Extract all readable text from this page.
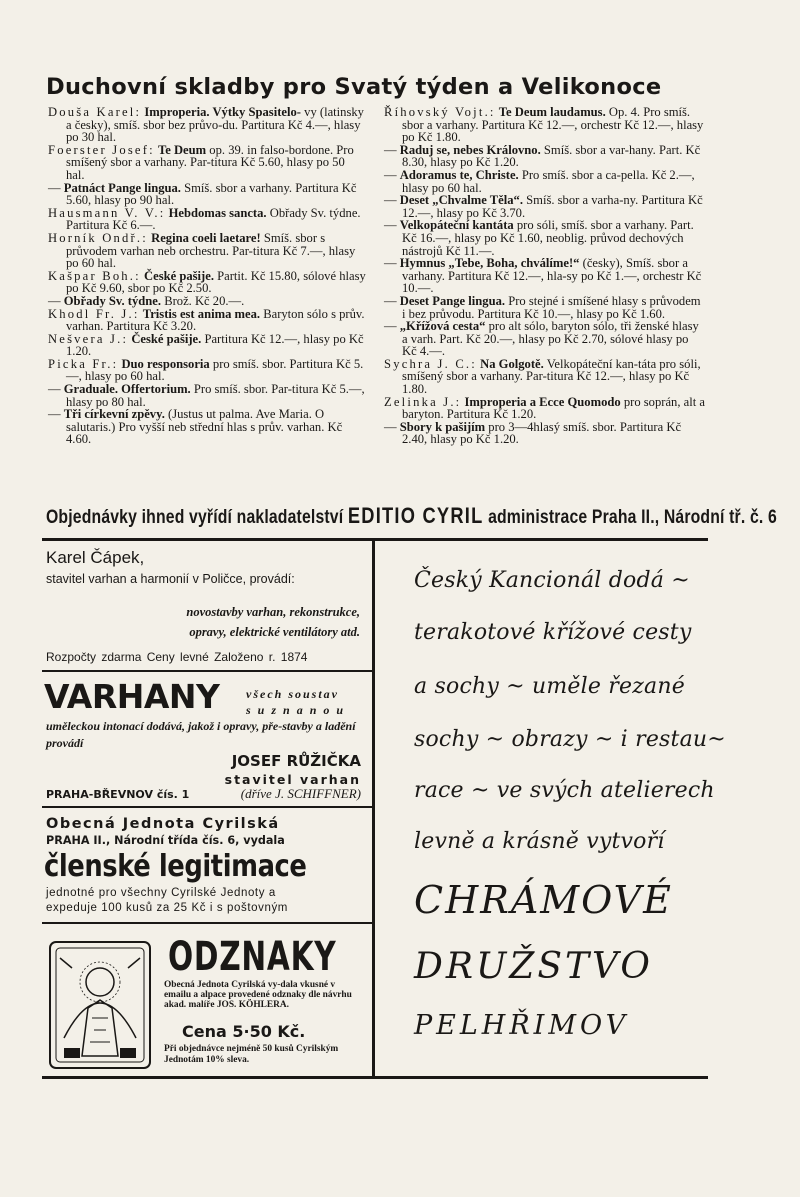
Duchovní skladby pro Svatý týden a Velikonoce

Douša Karel: Improperia. Výtky Spasitelo- vy (latinsky a česky), smíš. sbor bez průvo-du. Partitura Kč 4.—, hlasy po 30 hal.

Foerster Josef: Te Deum op. 39. in falso-bordone. Pro smíšený sbor a varhany. Par-titura Kč 5.60, hlasy po 50 hal.

— Patnáct Pange lingua. Smíš. sbor a varhany. Partitura Kč 5.60, hlasy po 90 hal.

Hausmann V. V.: Hebdomas sancta. Obřady Sv. týdne. Partitura Kč 6.—.

Horník Ondř.: Regina coeli laetare! Smíš. sbor s průvodem varhan neb orchestru. Par-titura Kč 7.—, hlasy po 60 hal.

Kašpar Boh.: České pašije. Partit. Kč 15.80, sólové hlasy po Kč 9.60, sbor po Kč 2.50.

— Obřady Sv. týdne. Brož. Kč 20.—.

Khodl Fr. J.: Tristis est anima mea. Baryton sólo s prův. varhan. Partitura Kč 3.20.

Nešvera J.: České pašije. Partitura Kč 12.—, hlasy po Kč 1.20.

Picka Fr.: Duo responsoria pro smíš. sbor. Partitura Kč 5.—, hlasy po 60 hal.

— Graduale. Offertorium. Pro smíš. sbor. Par-titura Kč 5.—, hlasy po 80 hal.

— Tři církevní zpěvy. (Justus ut palma. Ave Maria. O salutaris.) Pro vyšší neb střední hlas s prův. varhan. Kč 4.60.

Říhovský Vojt.: Te Deum laudamus. Op. 4. Pro smíš. sbor a varhany. Partitura Kč 12.—, orchestr Kč 12.—, hlasy po Kč 1.80.

— Raduj se, nebes Královno. Smíš. sbor a var-hany. Part. Kč 8.30, hlasy po Kč 1.20.

— Adoramus te, Christe. Pro smíš. sbor a ca-pella. Kč 2.—, hlasy po 60 hal.

— Deset „Chvalme Těla“. Smíš. sbor a varha-ny. Partitura Kč 12.—, hlasy po Kč 3.70.

— Velkopáteční kantáta pro sóli, smíš. sbor a varhany. Part. Kč 16.—, hlasy po Kč 1.60, neoblig. průvod dechových nástrojů Kč 11.—.

— Hymnus „Tebe, Boha, chválíme!“ (česky), Smíš. sbor a varhany. Partitura Kč 12.—, hla-sy po Kč 1.—, orchestr Kč 10.—.

— Deset Pange lingua. Pro stejné i smíšené hlasy s průvodem i bez průvodu. Partitura Kč 10.—, hlasy po Kč 1.60.

— „Křížová cesta“ pro alt sólo, baryton sólo, tři ženské hlasy a varh. Part. Kč 20.—, hlasy po Kč 2.70, sólové hlasy po Kč 4.—.

Sychra J. C.: Na Golgotě. Velkopáteční kan-táta pro sóli, smíšený sbor a varhany. Par-titura Kč 12.—, hlasy po Kč 1.80.

Zelinka J.: Improperia a Ecce Quomodo pro soprán, alt a baryton. Partitura Kč 1.20.

— Sbory k pašijím pro 3—4hlasý smíš. sbor. Partitura Kč 2.40, hlasy po Kč 1.20.

Objednávky ihned vyřídí nakladatelství EDITIO CYRIL administrace Praha II., Národní tř. č. 6
Karel Čápek,
stavitel varhan a harmonií v Poličce, provádí:
novostavby varhan, rekonstrukce,
opravy, elektrické ventilátory atd.
Rozpočty zdarma Ceny levné Založeno r. 1874
VARHANY všech soustav
s u z n a n o u
uměleckou intonací dodává, jakož i opravy, pře-stavby a ladění provádí
JOSEF RŮŽIČKA
stavitel varhan
PRAHA-BŘEVNOV čís. 1	(dříve J. SCHIFFNER)
Obecná Jednota Cyrilská
PRAHA II., Národní třída čís. 6, vydala
členské legitimace
jednotné pro všechny Cyrilské Jednoty a
expeduje 100 kusů za 25 Kč i s poštovným
ODZNAKY
Obecná Jednota Cyrilská vy-dala vkusné v emailu a alpace provedené odznaky dle návrhu akad. malíře JOS. KÖHLERA.
Cena 5·50 Kč.
Při objednávce nejméně 50 kusů Cyrilským Jednotám 10% sleva.
Český Kancionál dodá ~
terakotové křížové cesty
a sochy ~ uměle řezané
sochy ~ obrazy ~ i restau~
race ~ ve svých atelierech
levně a krásně vytvoří
CHRÁMOVÉ
DRUŽSTVO
PELHŘIMOV
